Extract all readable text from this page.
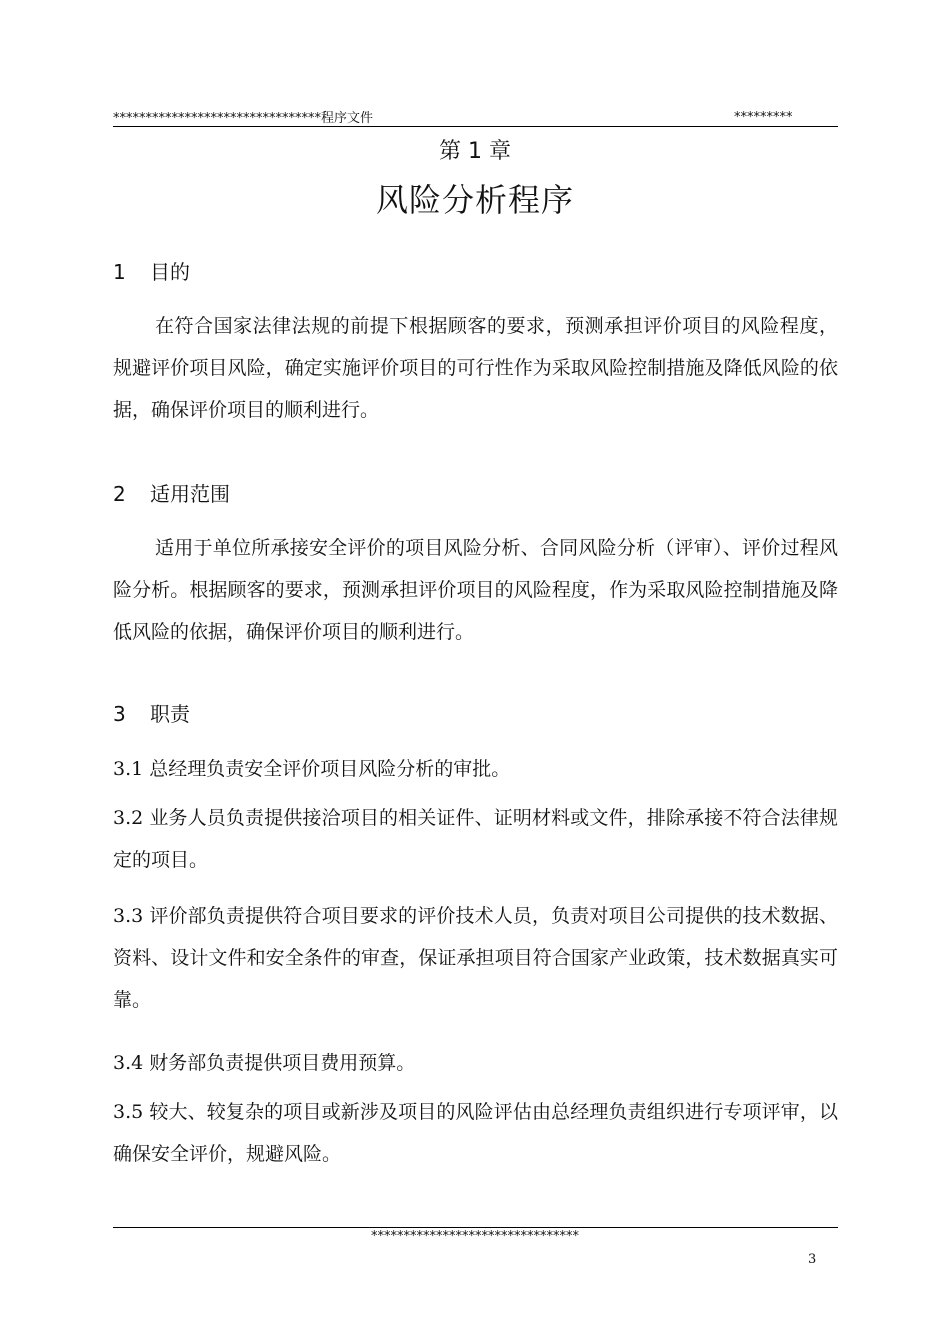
********************************程序文件	*********
第 1 章
风险分析程序
1 目的

在符合国家法律法规的前提下根据顾客的要求，预测承担评价项目的风险程度，规避评价项目风险，确定实施评价项目的可行性作为采取风险控制措施及降低风险的依据，确保评价项目的顺利进行。

2 适用范围

适用于单位所承接安全评价的项目风险分析、合同风险分析（评审）、评价过程风险分析。根据顾客的要求，预测承担评价项目的风险程度，作为采取风险控制措施及降低风险的依据，确保评价项目的顺利进行。

3 职责

3.1 总经理负责安全评价项目风险分析的审批。

3.2 业务人员负责提供接洽项目的相关证件、证明材料或文件，排除承接不符合法律规定的项目。

3.3 评价部负责提供符合项目要求的评价技术人员，负责对项目公司提供的技术数据、资料、设计文件和安全条件的审查，保证承担项目符合国家产业政策，技术数据真实可靠。

3.4 财务部负责提供项目费用预算。

3.5 较大、较复杂的项目或新涉及项目的风险评估由总经理负责组织进行专项评审，以确保安全评价，规避风险。

********************************
3
